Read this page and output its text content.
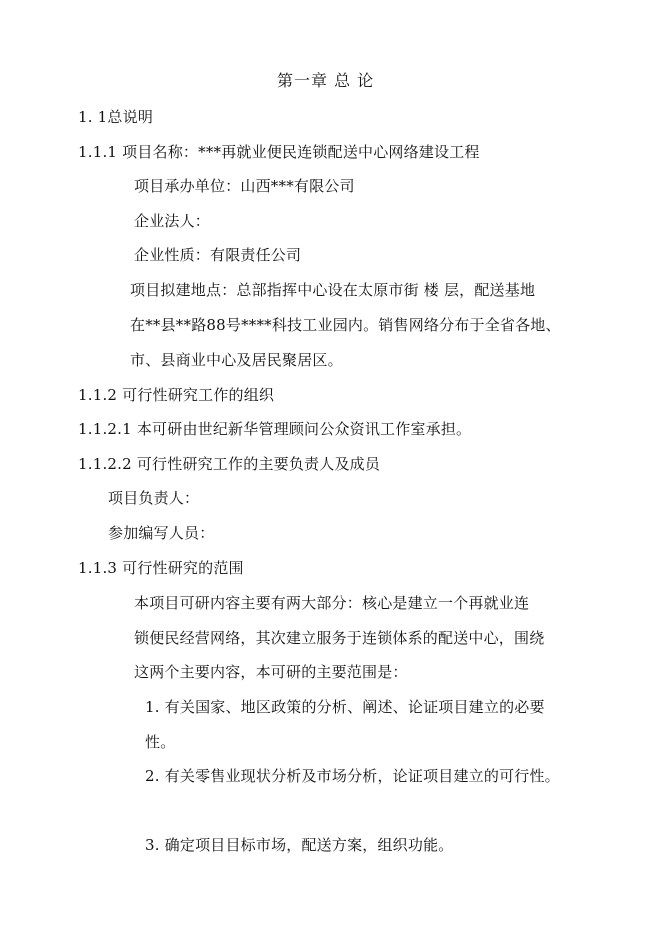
第一章 总 论
1. 1总说明
1.1.1 项目名称：***再就业便民连锁配送中心网络建设工程
项目承办单位：山西***有限公司
企业法人：
企业性质：有限责任公司
项目拟建地点：总部指挥中心设在太原市街 楼 层，配送基地
在**县**路88号****科技工业园内。销售网络分布于全省各地、
市、县商业中心及居民聚居区。
1.1.2 可行性研究工作的组织
1.1.2.1 本可研由世纪新华管理顾问公众资讯工作室承担。
1.1.2.2 可行性研究工作的主要负责人及成员
项目负责人：
参加编写人员：
1.1.3 可行性研究的范围
本项目可研内容主要有两大部分：核心是建立一个再就业连
锁便民经营网络，其次建立服务于连锁体系的配送中心，围绕
这两个主要内容，本可研的主要范围是：
1. 有关国家、地区政策的分析、阐述、论证项目建立的必要
性。
2. 有关零售业现状分析及市场分析，论证项目建立的可行性。
3. 确定项目目标市场，配送方案，组织功能。
